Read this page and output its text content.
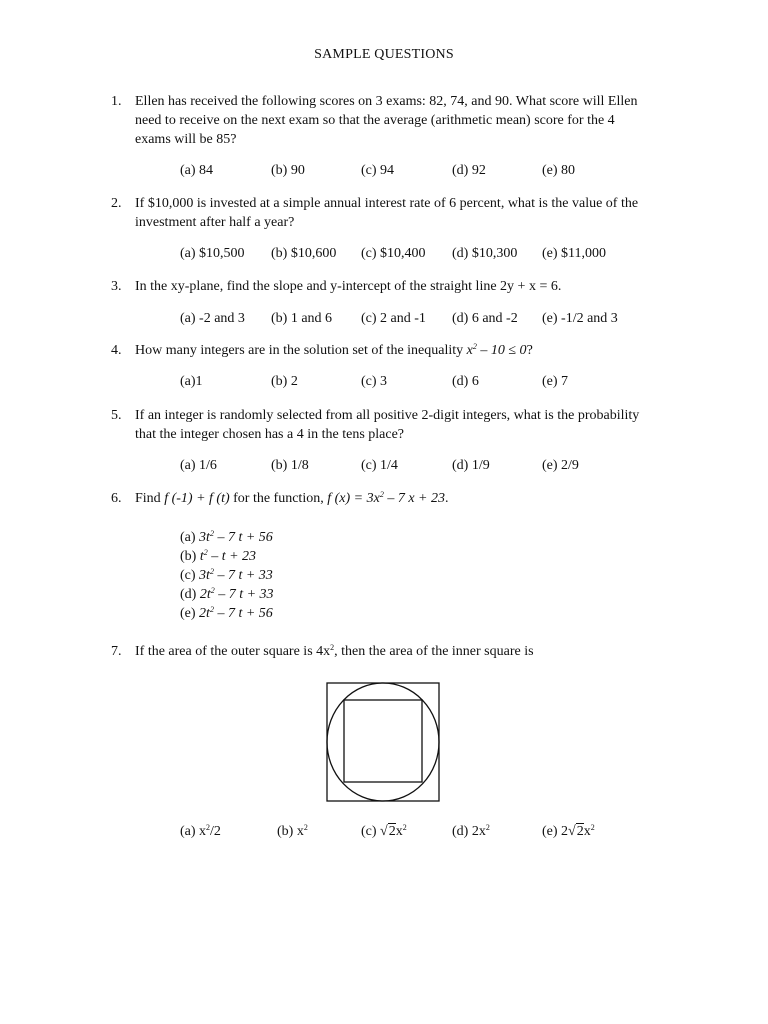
SAMPLE QUESTIONS
1. Ellen has received the following scores on 3 exams: 82, 74, and 90. What score will Ellen
need to receive on the next exam so that the average (arithmetic mean) score for the 4
exams will be 85?
(a) 84	(b) 90	(c) 94	(d) 92	(e) 80
2. If $10,000 is invested at a simple annual interest rate of 6 percent, what is the value of the
investment after half a year?
(a) $10,500 (b) $10,600 (c) $10,400 (d) $10,300 (e) $11,000
3. In the xy-plane, find the slope and y-intercept of the straight line 2y + x = 6.
(a) -2 and 3 (b) 1 and 6 (c) 2 and -1 (d) 6 and -2 (e) -1/2 and 3
4. How many integers are in the solution set of the inequality $x^2 - 10 \le 0$?
(a)1	(b) 2	(c) 3	(d) 6	(e) 7
5. If an integer is randomly selected from all positive 2-digit integers, what is the probability
that the integer chosen has a 4 in the tens place?
(a) 1/6	(b) 1/8	(c) 1/4	(d) 1/9	(e) 2/9
6. Find f (-1) + f (t) for the function, f $(x) = 3x^2 - 7$ x + 23.
(a) $3t^2 - 7$ t + 56
(b) $t^2 - t + 23$
(c) $3t^2 - 7$ t + 33
(d) $2t^2 - 7$ t + 33
(e) $2t^2 - 7$ t + 56
7. If the area of the outer square is $4x^2$, then the area of the inner square is
(a) $x^2/2$	(b) $x^2$	(c) $√2x^2$	(d) $2x^2$	(e) $2√2x^2$
